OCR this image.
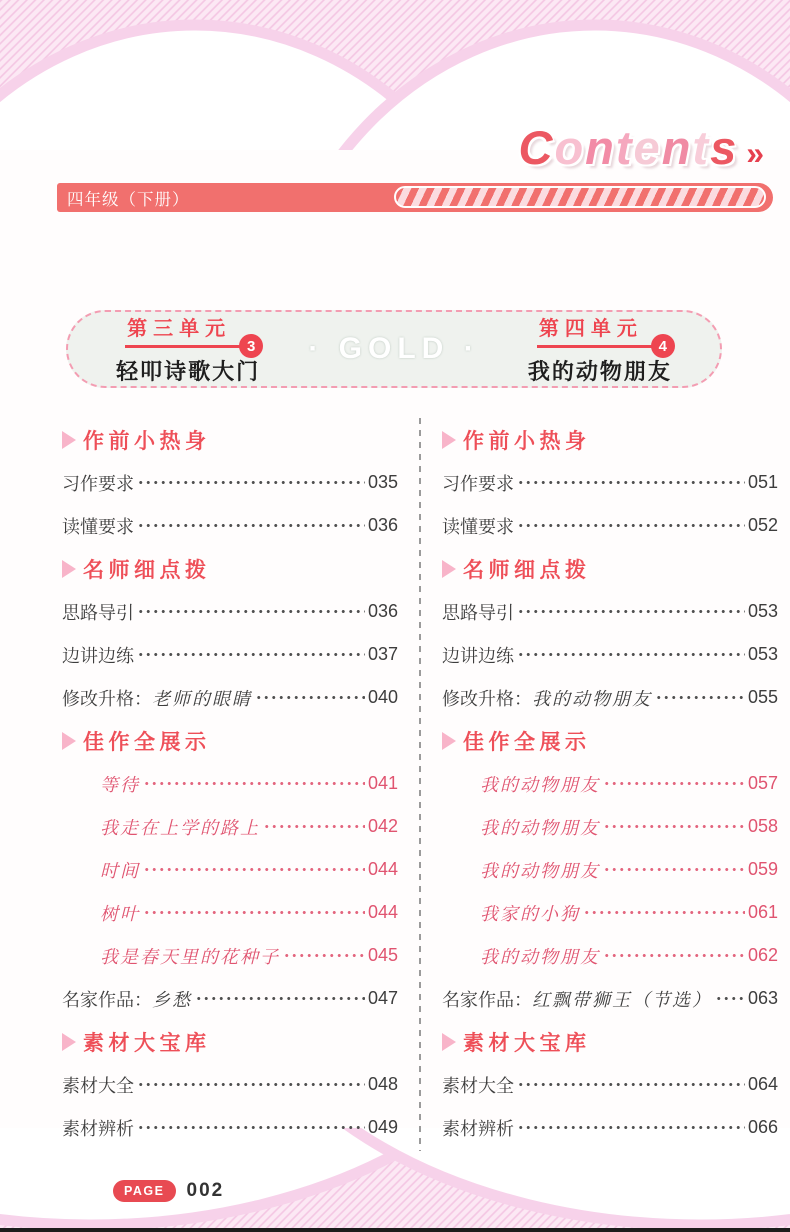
Contents »
四年级（下册）
第三单元
3
轻叩诗歌大门
· GOLD ·
第四单元
4
我的动物朋友
作前小热身
习作要求	035
读懂要求	036
名师细点拨
思路导引	036
边讲边练	037
修改升格： 老师的眼睛	040
佳作全展示
等待	041
我走在上学的路上	042
时间	044
树叶	044
我是春天里的花种子	045
名家作品： 乡愁	047
素材大宝库
素材大全	048
素材辨析	049
作前小热身
习作要求	051
读懂要求	052
名师细点拨
思路导引	053
边讲边练	053
修改升格： 我的动物朋友	055
佳作全展示
我的动物朋友	057
我的动物朋友	058
我的动物朋友	059
我家的小狗	061
我的动物朋友	062
名家作品： 红飘带狮王（节选） 063
素材大宝库
素材大全	064
素材辨析	066
PAGE	002
